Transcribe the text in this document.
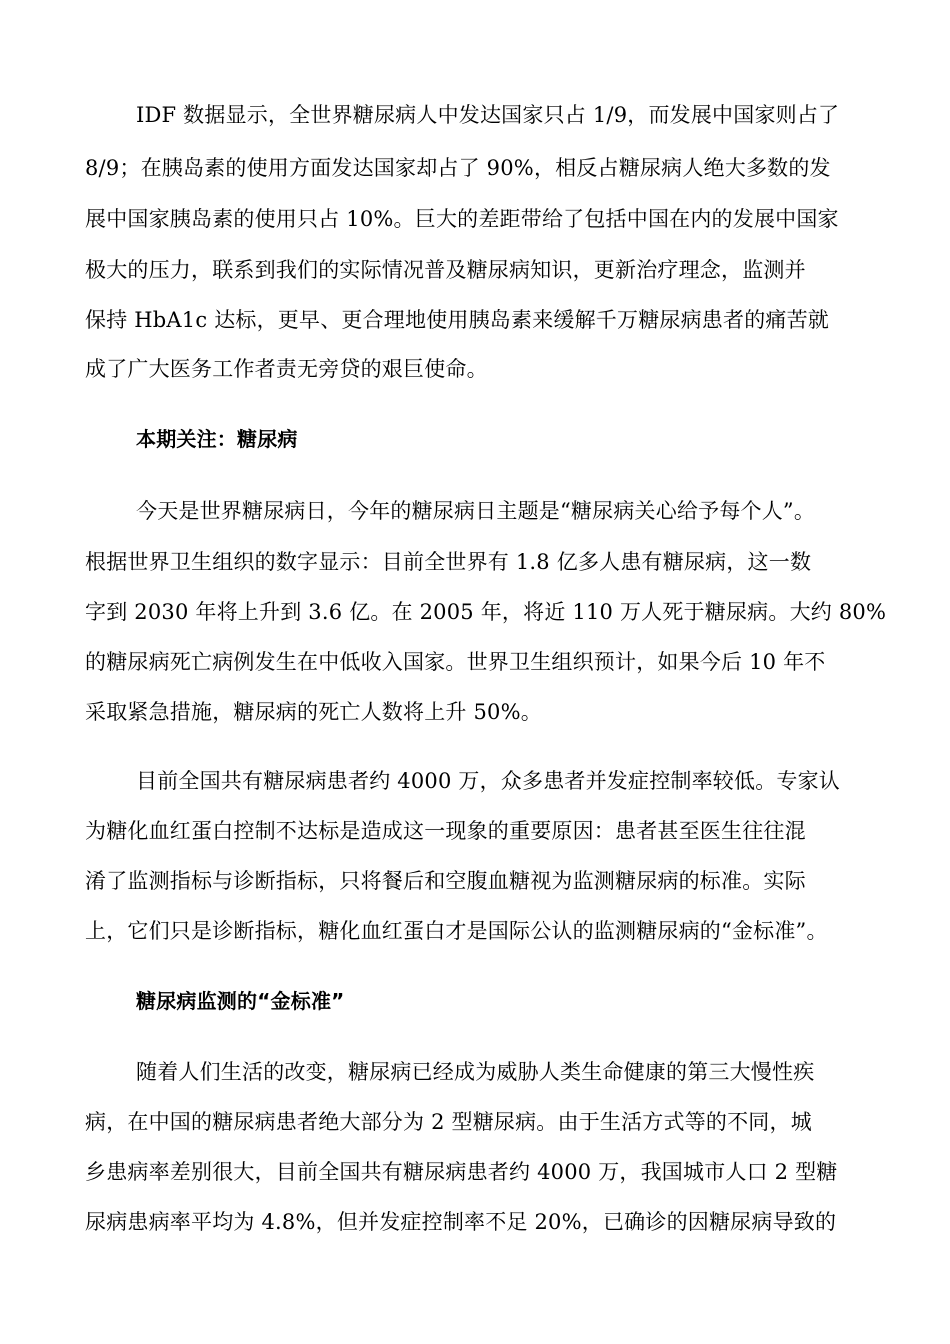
IDF 数据显示，全世界糖尿病人中发达国家只占 1/9，而发展中国家则占了
8/9；在胰岛素的使用方面发达国家却占了 90%，相反占糖尿病人绝大多数的发
展中国家胰岛素的使用只占 10%。巨大的差距带给了包括中国在内的发展中国家
极大的压力，联系到我们的实际情况普及糖尿病知识，更新治疗理念，监测并
保持 HbA1c 达标，更早、更合理地使用胰岛素来缓解千万糖尿病患者的痛苦就
成了广大医务工作者责无旁贷的艰巨使命。
本期关注：糖尿病
今天是世界糖尿病日，今年的糖尿病日主题是“糖尿病关心给予每个人”。
根据世界卫生组织的数字显示：目前全世界有 1.8 亿多人患有糖尿病，这一数
字到 2030 年将上升到 3.6 亿。在 2005 年，将近 110 万人死于糖尿病。大约 80%
的糖尿病死亡病例发生在中低收入国家。世界卫生组织预计，如果今后 10 年不
采取紧急措施，糖尿病的死亡人数将上升 50%。
目前全国共有糖尿病患者约 4000 万，众多患者并发症控制率较低。专家认
为糖化血红蛋白控制不达标是造成这一现象的重要原因：患者甚至医生往往混
淆了监测指标与诊断指标，只将餐后和空腹血糖视为监测糖尿病的标准。实际
上，它们只是诊断指标，糖化血红蛋白才是国际公认的监测糖尿病的“金标准”。
糖尿病监测的“金标准”
随着人们生活的改变，糖尿病已经成为威胁人类生命健康的第三大慢性疾
病，在中国的糖尿病患者绝大部分为 2 型糖尿病。由于生活方式等的不同，城
乡患病率差别很大，目前全国共有糖尿病患者约 4000 万，我国城市人口 2 型糖
尿病患病率平均为 4.8%，但并发症控制率不足 20%，已确诊的因糖尿病导致的
